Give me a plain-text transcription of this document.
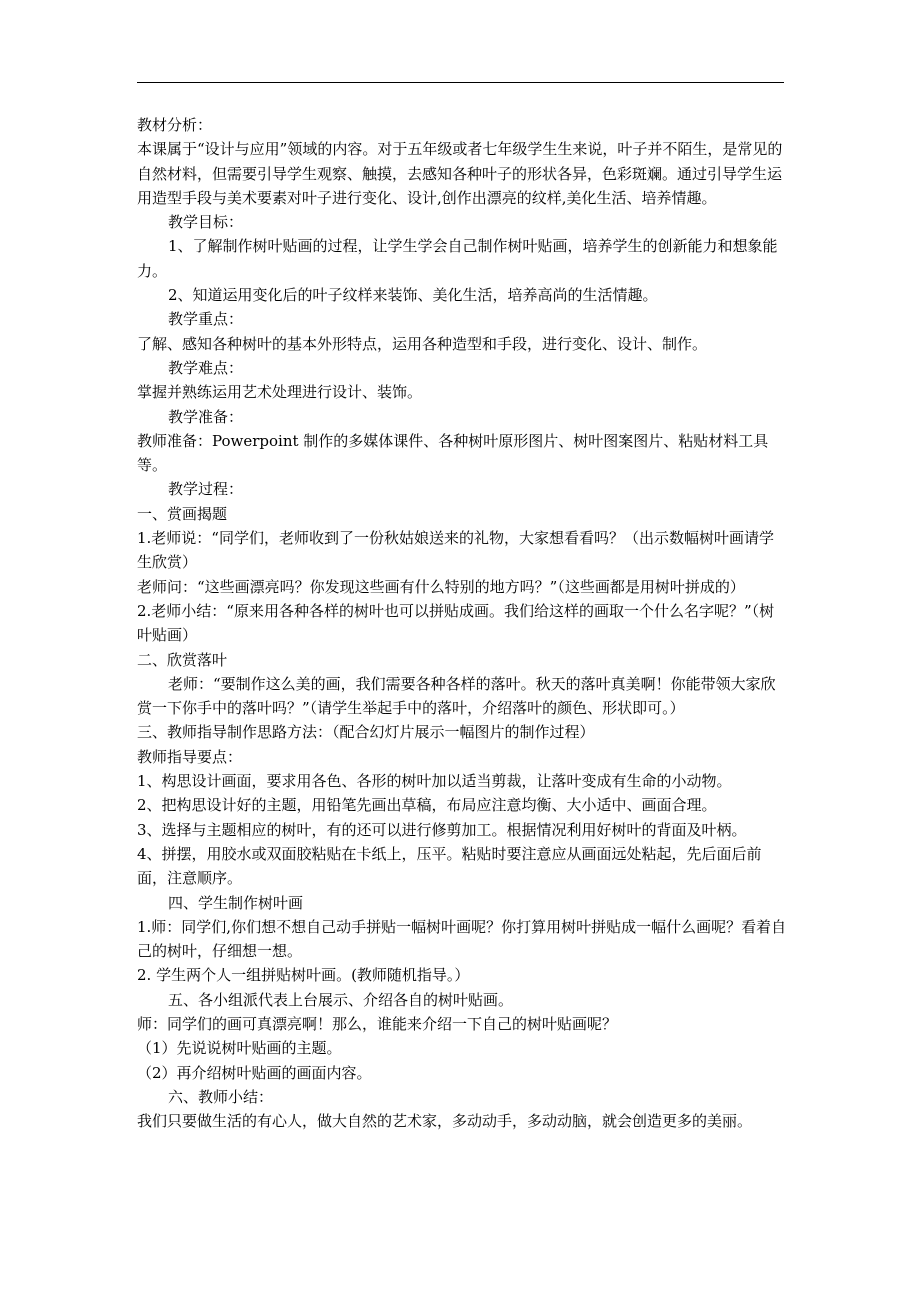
教材分析：

本课属于“设计与应用”领域的内容。对于五年级或者七年级学生生来说，叶子并不陌生，是常见的自然材料，但需要引导学生观察、触摸，去感知各种叶子的形状各异，色彩斑斓。通过引导学生运用造型手段与美术要素对叶子进行变化、设计,创作出漂亮的纹样,美化生活、培养情趣。

教学目标：

1、了解制作树叶贴画的过程，让学生学会自己制作树叶贴画，培养学生的创新能力和想象能力。

2、知道运用变化后的叶子纹样来装饰、美化生活，培养高尚的生活情趣。

教学重点：

了解、感知各种树叶的基本外形特点，运用各种造型和手段，进行变化、设计、制作。

教学难点：

掌握并熟练运用艺术处理进行设计、装饰。

教学准备：

教师准备：Powerpoint 制作的多媒体课件、各种树叶原形图片、树叶图案图片、粘贴材料工具等。

教学过程：

一、赏画揭题

1.老师说：“同学们，老师收到了一份秋姑娘送来的礼物，大家想看看吗？（出示数幅树叶画请学生欣赏）

老师问：“这些画漂亮吗？你发现这些画有什么特别的地方吗？”（这些画都是用树叶拼成的）

2.老师小结：“原来用各种各样的树叶也可以拼贴成画。我们给这样的画取一个什么名字呢？”（树叶贴画）

二、欣赏落叶

老师：“要制作这么美的画，我们需要各种各样的落叶。秋天的落叶真美啊！你能带领大家欣赏一下你手中的落叶吗？”（请学生举起手中的落叶，介绍落叶的颜色、形状即可。）

三、教师指导制作思路方法：（配合幻灯片展示一幅图片的制作过程）

教师指导要点：

1、构思设计画面，要求用各色、各形的树叶加以适当剪裁，让落叶变成有生命的小动物。

2、把构思设计好的主题，用铅笔先画出草稿，布局应注意均衡、大小适中、画面合理。

3、选择与主题相应的树叶，有的还可以进行修剪加工。根据情况利用好树叶的背面及叶柄。

4、拼摆，用胶水或双面胶粘贴在卡纸上，压平。粘贴时要注意应从画面远处粘起，先后面后前面，注意顺序。

四、学生制作树叶画

1.师：同学们,你们想不想自己动手拼贴一幅树叶画呢？你打算用树叶拼贴成一幅什么画呢？看着自己的树叶，仔细想一想。

2. 学生两个人一组拼贴树叶画。(教师随机指导。）

五、各小组派代表上台展示、介绍各自的树叶贴画。

师：同学们的画可真漂亮啊！那么，谁能来介绍一下自己的树叶贴画呢？

（1）先说说树叶贴画的主题。

（2）再介绍树叶贴画的画面内容。

六、教师小结：

我们只要做生活的有心人，做大自然的艺术家，多动动手，多动动脑，就会创造更多的美丽。
